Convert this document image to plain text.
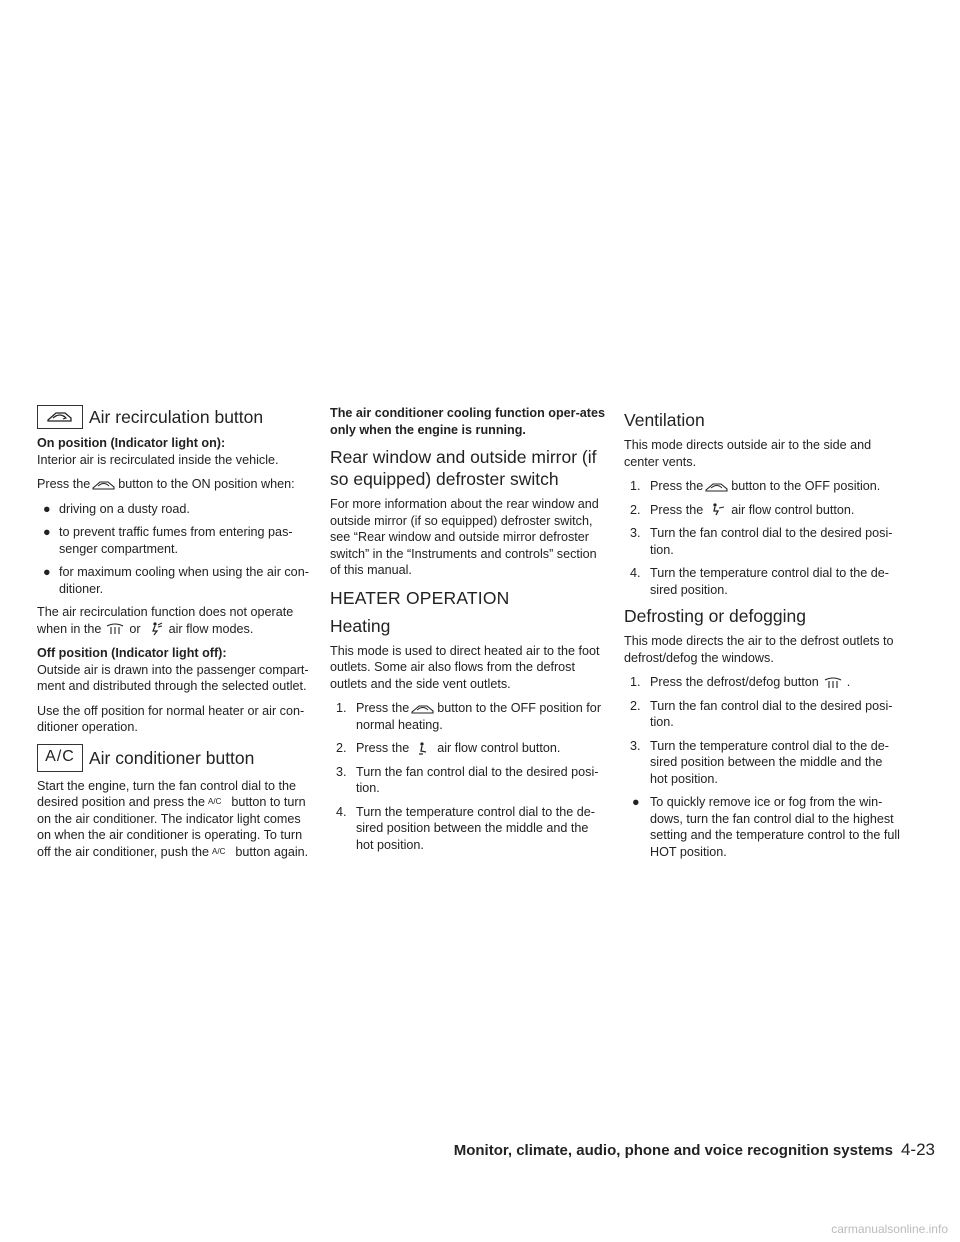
Air recirculation button

On position (Indicator light on):

Interior air is recirculated inside the vehicle.

Press the button to the ON position when:

● driving on a dusty road.
● to prevent traffic fumes from entering pas-senger compartment.
● for maximum cooling when using the air con-ditioner.

The air recirculation function does not operate when in the or air flow modes.

Off position (Indicator light off):

Outside air is drawn into the passenger compart-ment and distributed through the selected outlet.

Use the off position for normal heater or air con-ditioner operation.

A/C Air conditioner button

Start the engine, turn the fan control dial to the desired position and press the $^{A/C}$ button to turn on the air conditioner. The indicator light comes on when the air conditioner is operating. To turn off the air conditioner, push the $^{A/C}$ button again.

The air conditioner cooling function oper-ates only when the engine is running.

Rear window and outside mirror (if so equipped) defroster switch

For more information about the rear window and outside mirror (if so equipped) defroster switch, see “Rear window and outside mirror defroster switch” in the “Instruments and controls” section of this manual.

HEATER OPERATION
Heating

This mode is used to direct heated air to the foot outlets. Some air also flows from the defrost outlets and the side vent outlets.

1. Press the button to the OFF position for normal heating.
2. Press the air flow control button.
3. Turn the fan control dial to the desired posi-tion.
4. Turn the temperature control dial to the de-sired position between the middle and the hot position.
Ventilation

This mode directs outside air to the side and center vents.

1. Press the button to the OFF position.
2. Press the air flow control button.
3. Turn the fan control dial to the desired posi-tion.
4. Turn the temperature control dial to the de-sired position.
Defrosting or defogging

This mode directs the air to the defrost outlets to defrost/defog the windows.

1. Press the defrost/defog button .
2. Turn the fan control dial to the desired posi-tion.
3. Turn the temperature control dial to the de-sired position between the middle and the hot position.
● To quickly remove ice or fog from the win-dows, turn the fan control dial to the highest setting and the temperature control to the full HOT position.
Monitor, climate, audio, phone and voice recognition systems 4-23
carmanualsonline.info
